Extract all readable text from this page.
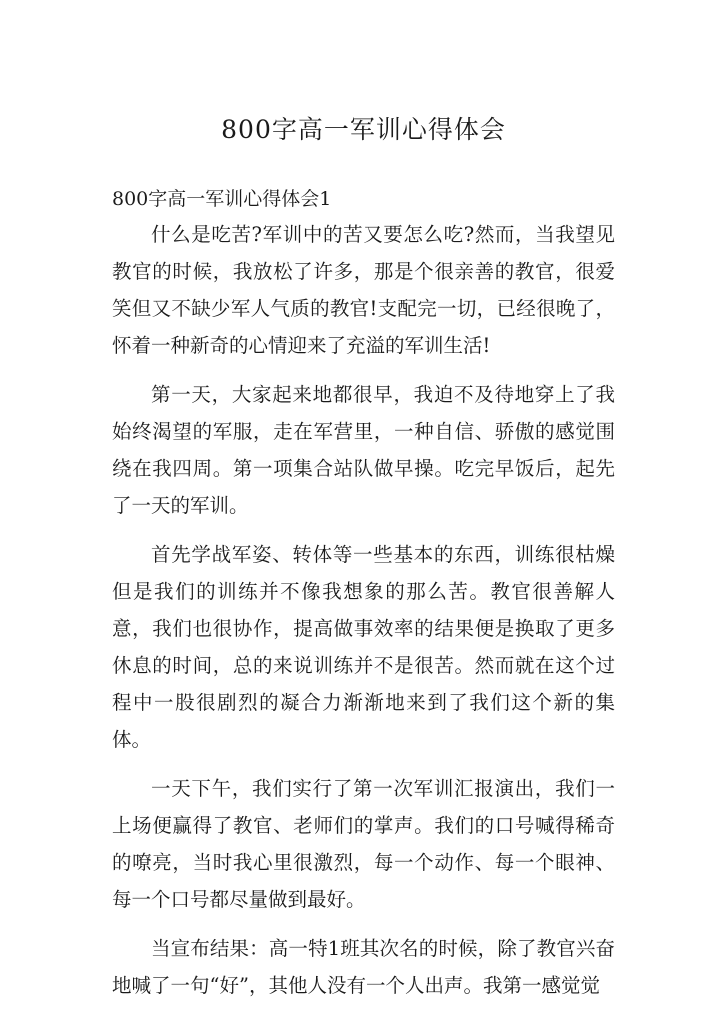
800字高一军训心得体会
800字高一军训心得体会1

什么是吃苦?军训中的苦又要怎么吃?然而，当我望见教官的时候，我放松了许多，那是个很亲善的教官，很爱笑但又不缺少军人气质的教官!支配完一切，已经很晚了，怀着一种新奇的心情迎来了充溢的军训生活!

第一天，大家起来地都很早，我迫不及待地穿上了我始终渴望的军服，走在军营里，一种自信、骄傲的感觉围绕在我四周。第一项集合站队做早操。吃完早饭后，起先了一天的军训。

首先学战军姿、转体等一些基本的东西，训练很枯燥但是我们的训练并不像我想象的那么苦。教官很善解人意，我们也很协作，提高做事效率的结果便是换取了更多休息的时间，总的来说训练并不是很苦。然而就在这个过程中一股很剧烈的凝合力渐渐地来到了我们这个新的集体。

一天下午，我们实行了第一次军训汇报演出，我们一上场便赢得了教官、老师们的掌声。我们的口号喊得稀奇的嘹亮，当时我心里很激烈，每一个动作、每一个眼神、每一个口号都尽量做到最好。

当宣布结果：高一特1班其次名的时候，除了教官兴奋地喊了一句“好”，其他人没有一个人出声。我第一感觉觉
